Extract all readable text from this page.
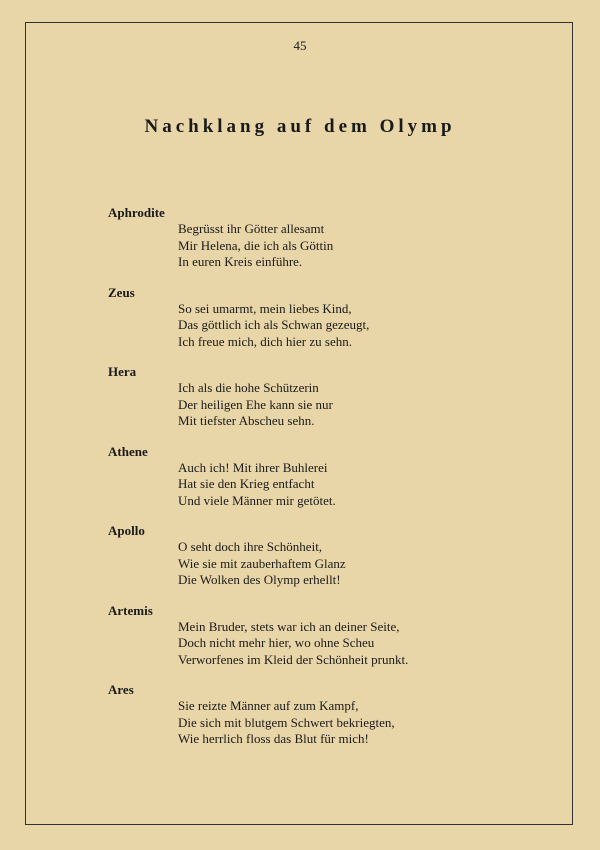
45
Nachklang auf dem Olymp
Aphrodite
Begrüsst ihr Götter allesamt
Mir Helena, die ich als Göttin
In euren Kreis einführe.
Zeus
So sei umarmt, mein liebes Kind,
Das göttlich ich als Schwan gezeugt,
Ich freue mich, dich hier zu sehn.
Hera
Ich als die hohe Schützerin
Der heiligen Ehe kann sie nur
Mit tiefster Abscheu sehn.
Athene
Auch ich! Mit ihrer Buhlerei
Hat sie den Krieg entfacht
Und viele Männer mir getötet.
Apollo
O seht doch ihre Schönheit,
Wie sie mit zauberhaftem Glanz
Die Wolken des Olymp erhellt!
Artemis
Mein Bruder, stets war ich an deiner Seite,
Doch nicht mehr hier, wo ohne Scheu
Verworfenes im Kleid der Schönheit prunkt.
Ares
Sie reizte Männer auf zum Kampf,
Die sich mit blutgem Schwert bekriegten,
Wie herrlich floss das Blut für mich!
